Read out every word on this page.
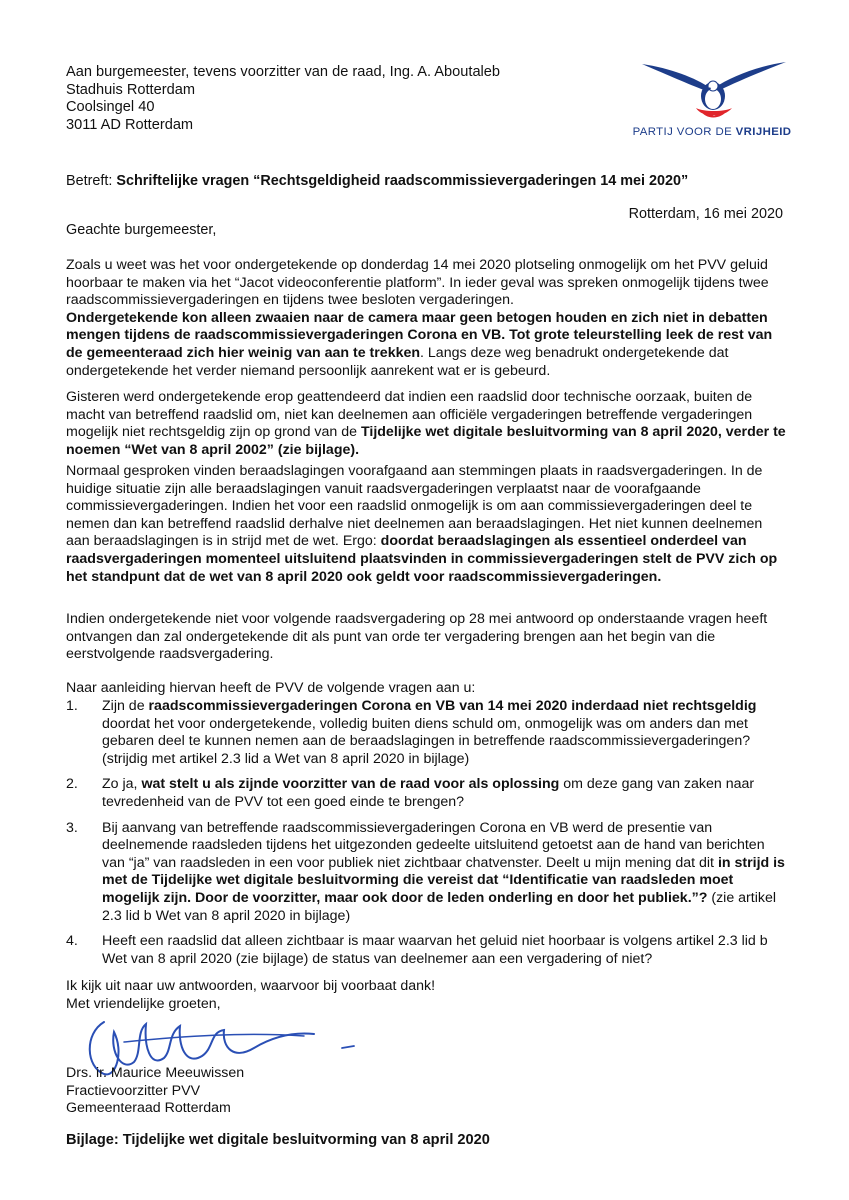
Aan burgemeester, tevens voorzitter van de raad, Ing. A. Aboutaleb
Stadhuis Rotterdam
Coolsingel 40
3011 AD Rotterdam	PARTIJ VOOR DE VRIJHEID
Betreft: Schriftelijke vragen “Rechtsgeldigheid raadscommissievergaderingen 14 mei 2020”
Rotterdam, 16 mei 2020
Geachte burgemeester,
Zoals u weet was het voor ondergetekende op donderdag 14 mei 2020 plotseling onmogelijk om het PVV geluid hoorbaar te maken via het “Jacot videoconferentie platform”. In ieder geval was spreken onmogelijk tijdens twee raadscommissievergaderingen en tijdens twee besloten vergaderingen.
Ondergetekende kon alleen zwaaien naar de camera maar geen betogen houden en zich niet in debatten mengen tijdens de raadscommissievergaderingen Corona en VB. Tot grote teleurstelling leek de rest van de gemeenteraad zich hier weinig van aan te trekken. Langs deze weg benadrukt ondergetekende dat ondergetekende het verder niemand persoonlijk aanrekent wat er is gebeurd.
Gisteren werd ondergetekende erop geattendeerd dat indien een raadslid door technische oorzaak, buiten de macht van betreffend raadslid om, niet kan deelnemen aan officiële vergaderingen betreffende vergaderingen mogelijk niet rechtsgeldig zijn op grond van de Tijdelijke wet digitale besluitvorming van 8 april 2020, verder te noemen “Wet van 8 april 2002” (zie bijlage).
Normaal gesproken vinden beraadslagingen voorafgaand aan stemmingen plaats in raadsvergaderingen. In de huidige situatie zijn alle beraadslagingen vanuit raadsvergaderingen verplaatst naar de voorafgaande commissievergaderingen. Indien het voor een raadslid onmogelijk is om aan commissievergaderingen deel te nemen dan kan betreffend raadslid derhalve niet deelnemen aan beraadslagingen. Het niet kunnen deelnemen aan beraadslagingen is in strijd met de wet. Ergo: doordat beraadslagingen als essentieel onderdeel van raadsvergaderingen momenteel uitsluitend plaatsvinden in commissievergaderingen stelt de PVV zich op het standpunt dat de wet van 8 april 2020 ook geldt voor raadscommissievergaderingen.
Indien ondergetekende niet voor volgende raadsvergadering op 28 mei antwoord op onderstaande vragen heeft ontvangen dan zal ondergetekende dit als punt van orde ter vergadering brengen aan het begin van die eerstvolgende raadsvergadering.
Naar aanleiding hiervan heeft de PVV de volgende vragen aan u:
1. Zijn de raadscommissievergaderingen Corona en VB van 14 mei 2020 inderdaad niet rechtsgeldig doordat het voor ondergetekende, volledig buiten diens schuld om, onmogelijk was om anders dan met gebaren deel te kunnen nemen aan de beraadslagingen in betreffende raadscommissievergaderingen? (strijdig met artikel 2.3 lid a Wet van 8 april 2020 in bijlage)
2. Zo ja, wat stelt u als zijnde voorzitter van de raad voor als oplossing om deze gang van zaken naar tevredenheid van de PVV tot een goed einde te brengen?
3. Bij aanvang van betreffende raadscommissievergaderingen Corona en VB werd de presentie van deelnemende raadsleden tijdens het uitgezonden gedeelte uitsluitend getoetst aan de hand van berichten van “ja” van raadsleden in een voor publiek niet zichtbaar chatvenster. Deelt u mijn mening dat dit in strijd is met de Tijdelijke wet digitale besluitvorming die vereist dat “Identificatie van raadsleden moet mogelijk zijn. Door de voorzitter, maar ook door de leden onderling en door het publiek.”? (zie artikel 2.3 lid b Wet van 8 april 2020 in bijlage)
4. Heeft een raadslid dat alleen zichtbaar is maar waarvan het geluid niet hoorbaar is volgens artikel 2.3 lid b Wet van 8 april 2020 (zie bijlage) de status van deelnemer aan een vergadering of niet?
Ik kijk uit naar uw antwoorden, waarvoor bij voorbaat dank!
Met vriendelijke groeten,
Drs. ir. Maurice Meeuwissen
Fractievoorzitter PVV
Gemeenteraad Rotterdam
Bijlage: Tijdelijke wet digitale besluitvorming van 8 april 2020
